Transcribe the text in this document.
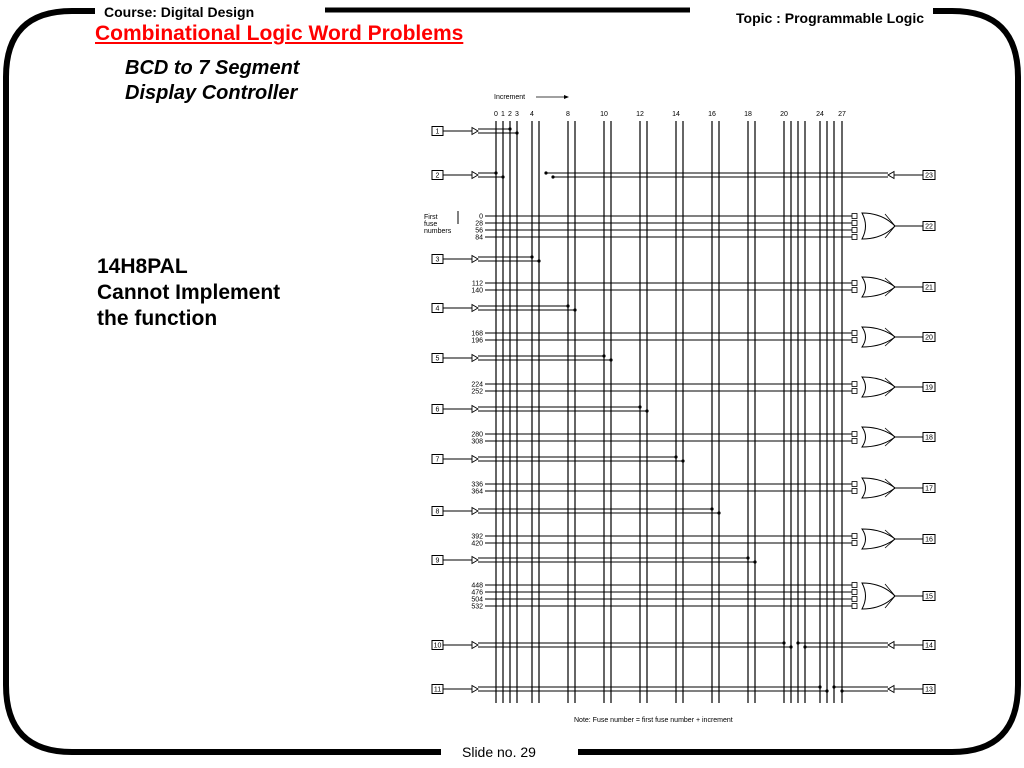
Course: Digital Design	Topic : Programmable Logic
Combinational Logic Word Problems
BCD to 7 Segment
Display Controller
14H8PAL
Cannot Implement
the function
Increment
0 1 2 3 4	8	10	12	14	16	18	20	24 27
First
fuse
numbers
0
28
56
84
112
140
168
196
224
252
280
308
336
364
392
420
448
476
504
532
1
2
3
4
5
6
7
8
9
10
11
22
21
20
19
18
17
16
15
23
14
13
Note: Fuse number = first fuse number + increment
Slide no. 29
